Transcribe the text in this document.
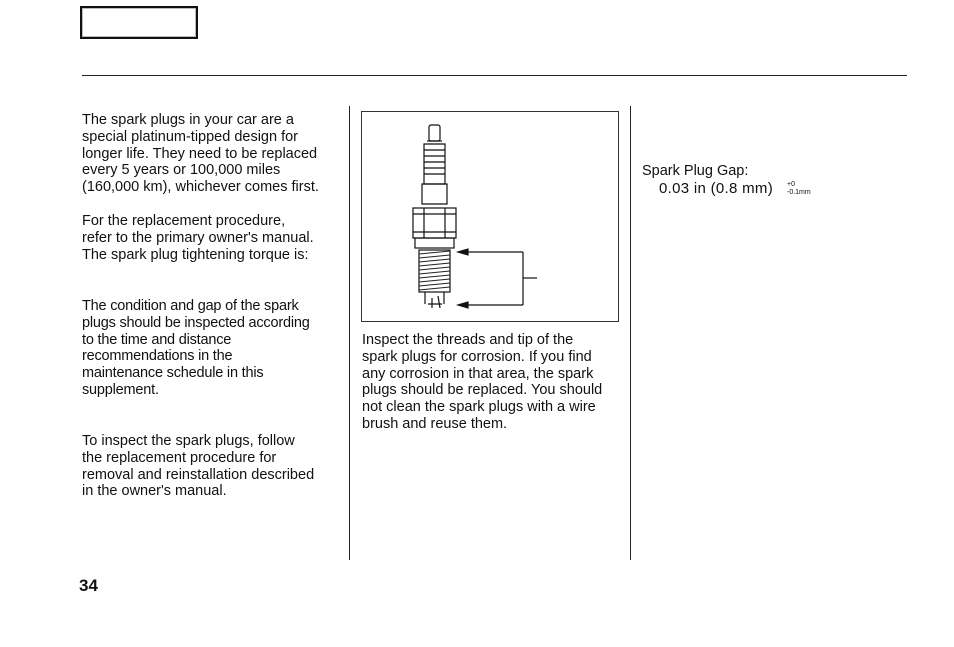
The spark plugs in your car are a
special platinum-tipped design for
longer life. They need to be replaced
every 5 years or 100,000 miles
(160,000 km), whichever comes first.

For the replacement procedure,
refer to the primary owner's manual.
The spark plug tightening torque is:

The condition and gap of the spark
plugs should be inspected according
to the time and distance
recommendations in the
maintenance schedule in this
supplement.

To inspect the spark plugs, follow
the replacement procedure for
removal and reinstallation described
in the owner's manual.

Inspect the threads and tip of the
spark plugs for corrosion. If you find
any corrosion in that area, the spark
plugs should be replaced. You should
not clean the spark plugs with a wire
brush and reuse them.

Spark Plug Gap:
0.03 in (0.8 mm) +0
-0.1mm
34
